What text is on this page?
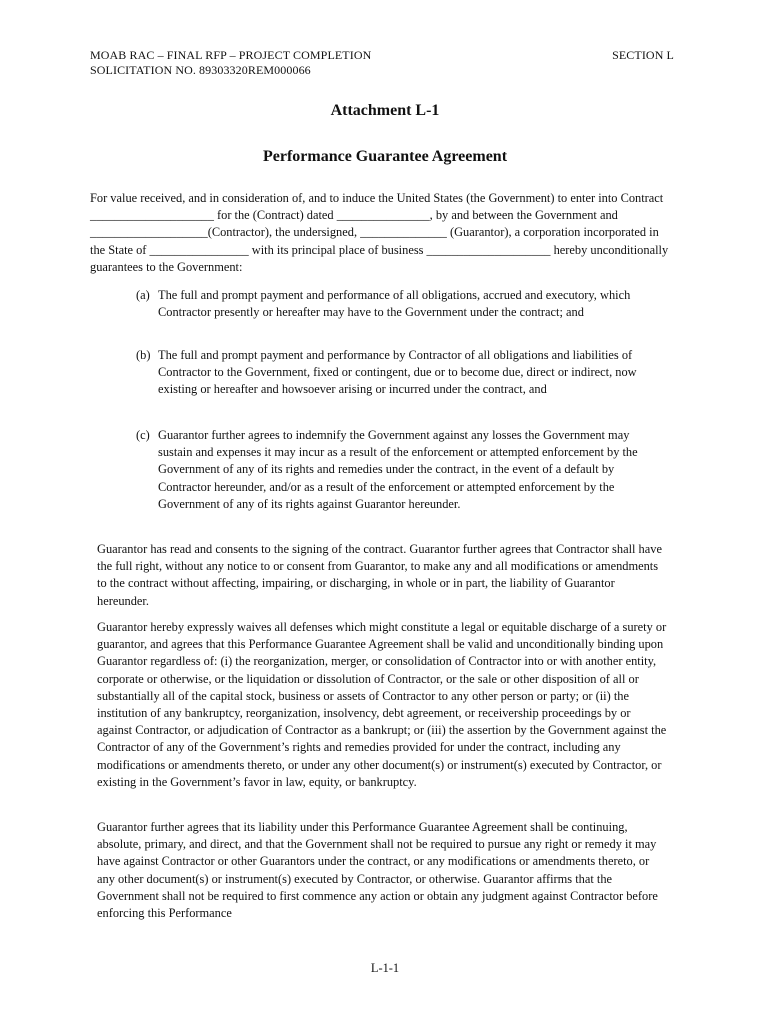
MOAB RAC – FINAL RFP – PROJECT COMPLETION
SOLICITATION NO. 89303320REM000066
SECTION L
Attachment L-1
Performance Guarantee Agreement

For value received, and in consideration of, and to induce the United States (the Government) to enter into Contract ____________________ for the (Contract) dated _______________, by and between the Government and ___________________(Contractor), the undersigned, ______________ (Guarantor), a corporation incorporated in the State of ________________ with its principal place of business ____________________ hereby unconditionally guarantees to the Government:

(a) The full and prompt payment and performance of all obligations, accrued and executory, which Contractor presently or hereafter may have to the Government under the contract; and
(b) The full and prompt payment and performance by Contractor of all obligations and liabilities of Contractor to the Government, fixed or contingent, due or to become due, direct or indirect, now existing or hereafter and howsoever arising or incurred under the contract, and
(c) Guarantor further agrees to indemnify the Government against any losses the Government may sustain and expenses it may incur as a result of the enforcement or attempted enforcement by the Government of any of its rights and remedies under the contract, in the event of a default by Contractor hereunder, and/or as a result of the enforcement or attempted enforcement by the Government of any of its rights against Guarantor hereunder.

Guarantor has read and consents to the signing of the contract. Guarantor further agrees that Contractor shall have the full right, without any notice to or consent from Guarantor, to make any and all modifications or amendments to the contract without affecting, impairing, or discharging, in whole or in part, the liability of Guarantor hereunder.

Guarantor hereby expressly waives all defenses which might constitute a legal or equitable discharge of a surety or guarantor, and agrees that this Performance Guarantee Agreement shall be valid and unconditionally binding upon Guarantor regardless of: (i) the reorganization, merger, or consolidation of Contractor into or with another entity, corporate or otherwise, or the liquidation or dissolution of Contractor, or the sale or other disposition of all or substantially all of the capital stock, business or assets of Contractor to any other person or party; or (ii) the institution of any bankruptcy, reorganization, insolvency, debt agreement, or receivership proceedings by or against Contractor, or adjudication of Contractor as a bankrupt; or (iii) the assertion by the Government against the Contractor of any of the Government’s rights and remedies provided for under the contract, including any modifications or amendments thereto, or under any other document(s) or instrument(s) executed by Contractor, or existing in the Government’s favor in law, equity, or bankruptcy.

Guarantor further agrees that its liability under this Performance Guarantee Agreement shall be continuing, absolute, primary, and direct, and that the Government shall not be required to pursue any right or remedy it may have against Contractor or other Guarantors under the contract, or any modifications or amendments thereto, or any other document(s) or instrument(s) executed by Contractor, or otherwise. Guarantor affirms that the Government shall not be required to first commence any action or obtain any judgment against Contractor before enforcing this Performance

L-1-1
